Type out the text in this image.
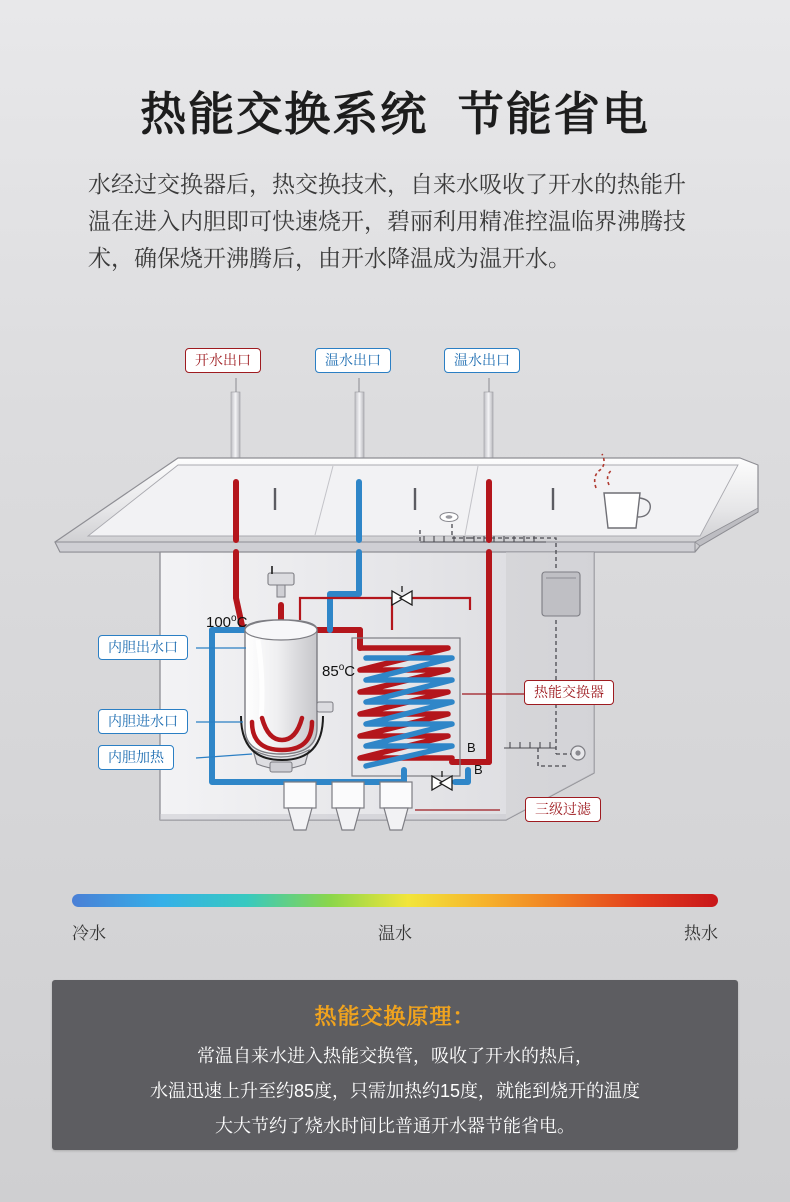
热能交换系统  节能省电
水经过交换器后，热交换技术，自来水吸收了开水的热能升温在进入内胆即可快速烧开，碧丽利用精准控温临界沸腾技术，确保烧开沸腾后，由开水降温成为温开水。
开水出口	温水出口	温水出口
内胆出水口
内胆进水口
内胆加热
热能交换器
三级过滤
100$^o$C
85$^o$C
B
B
冷水	温水	热水
热能交换原理：
常温自来水进入热能交换管，吸收了开水的热后，
水温迅速上升至约85度，只需加热约15度，就能到烧开的温度
大大节约了烧水时间比普通开水器节能省电。
